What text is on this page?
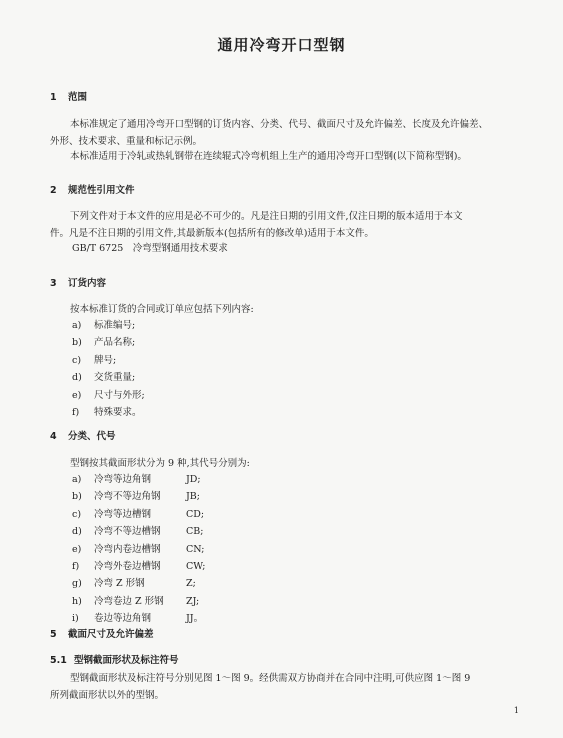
通用冷弯开口型钢
1 范围
本标准规定了通用冷弯开口型钢的订货内容、分类、代号、截面尺寸及允许偏差、长度及允许偏差、
外形、技术要求、重量和标记示例。
本标准适用于冷轧或热轧钢带在连续辊式冷弯机组上生产的通用冷弯开口型钢(以下简称型钢)。
2 规范性引用文件
下列文件对于本文件的应用是必不可少的。凡是注日期的引用文件,仅注日期的版本适用于本文
件。凡是不注日期的引用文件,其最新版本(包括所有的修改单)适用于本文件。
GB/T 6725　冷弯型钢通用技术要求
3 订货内容
按本标准订货的合同或订单应包括下列内容:
a) 标准编号;
b) 产品名称;
c) 牌号;
d) 交货重量;
e) 尺寸与外形;
f) 特殊要求。
4 分类、代号
型钢按其截面形状分为 9 种,其代号分别为:
a) 冷弯等边角钢	JD;
b) 冷弯不等边角钢	JB;
c) 冷弯等边槽钢	CD;
d) 冷弯不等边槽钢	CB;
e) 冷弯内卷边槽钢	CN;
f) 冷弯外卷边槽钢	CW;
g) 冷弯 Z 形钢	Z;
h) 冷弯卷边 Z 形钢 ZJ;
i) 卷边等边角钢	JJ。
5 截面尺寸及允许偏差
5.1 型钢截面形状及标注符号
型钢截面形状及标注符号分别见图 1～图 9。经供需双方协商并在合同中注明,可供应图 1～图 9
所列截面形状以外的型钢。
1
